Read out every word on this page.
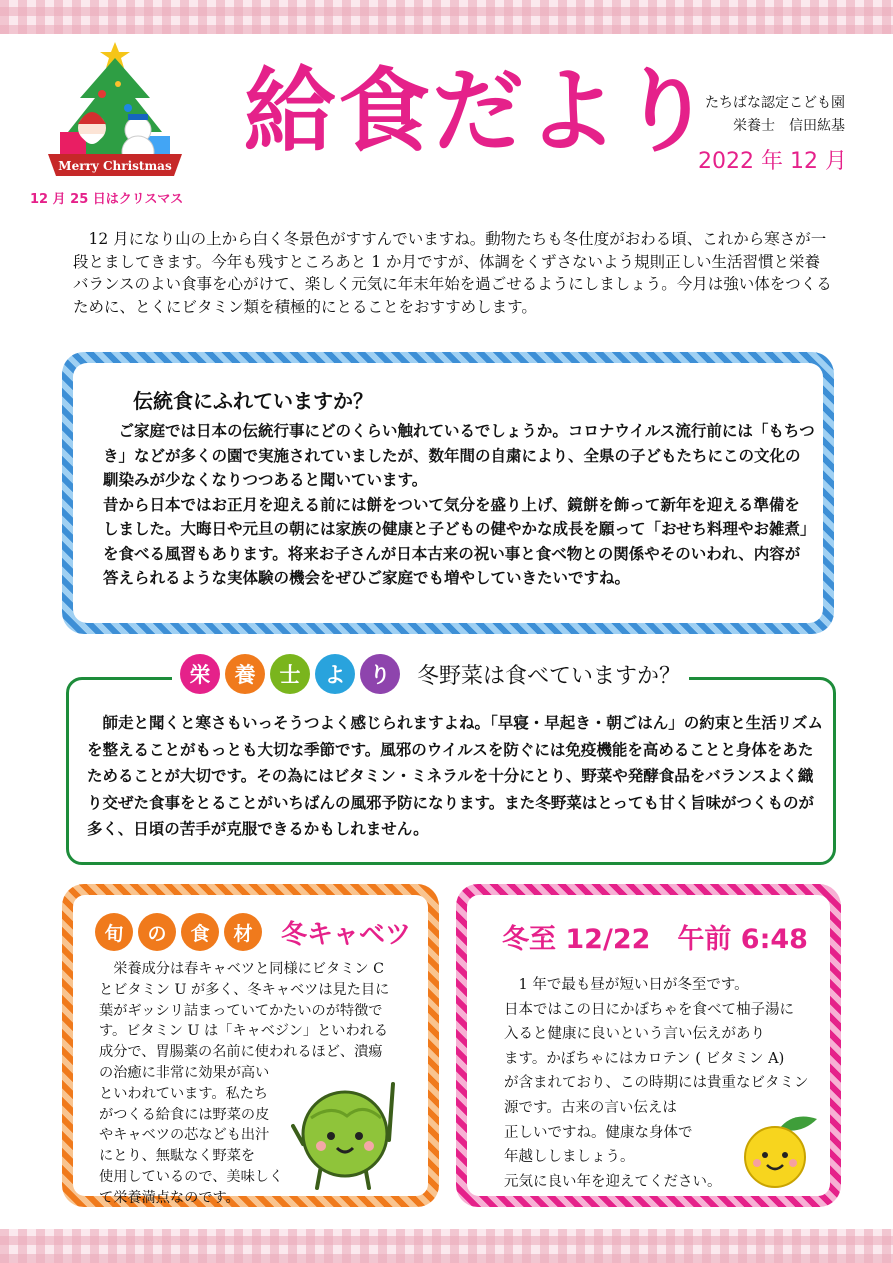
Merry Christmas
12 月 25 日はクリスマス
給食だより
たちばな認定こども園
栄養士　信田紘基
2022 年 12 月

12 月になり山の上から白く冬景色がすすんでいますね。動物たちも冬仕度がおわる頃、これから寒さが一段とましてきます。今年も残すところあと 1 か月ですが、体調をくずさないよう規則正しい生活習慣と栄養バランスのよい食事を心がけて、楽しく元気に年末年始を過ごせるようにしましょう。今月は強い体をつくるために、とくにビタミン類を積極的にとることをおすすめします。

伝統食にふれていますか？

ご家庭では日本の伝統行事にどのくらい触れているでしょうか。コロナウイルス流行前には「もちつき」などが多くの園で実施されていましたが、数年間の自粛により、全県の子どもたちにこの文化の馴染みが少なくなりつつあると聞いています。
昔から日本ではお正月を迎える前には餅をついて気分を盛り上げ、鏡餅を飾って新年を迎える準備をしました。大晦日や元旦の朝には家族の健康と子どもの健やかな成長を願って「おせち料理やお雑煮」を食べる風習もあります。将来お子さんが日本古来の祝い事と食べ物との関係やそのいわれ、内容が答えられるような実体験の機会をぜひご家庭でも増やしていきたいですね。

栄	養	士	よ	り	冬野菜は食べていますか？

師走と聞くと寒さもいっそうつよく感じられますよね。「早寝・早起き・朝ごはん」の約束と生活リズムを整えることがもっとも大切な季節です。風邪のウイルスを防ぐには免疫機能を高めることと身体をあたためることが大切です。その為にはビタミン・ミネラルを十分にとり、野菜や発酵食品をバランスよく織り交ぜた食事をとることがいちばんの風邪予防になります。また冬野菜はとっても甘く旨味がつくものが多く、日頃の苦手が克服できるかもしれません。

旬	の	食	材	冬キャベツ

　栄養成分は春キャベツと同様にビタミン C
とビタミン U が多く、冬キャベツは見た目に
葉がギッシリ詰まっていてかたいのが特徴で
す。ビタミン U は「キャベジン」といわれる
成分で、胃腸薬の名前に使われるほど、潰瘍
の治癒に非常に効果が高い
といわれています。私たち
がつくる給食には野菜の皮
やキャベツの芯なども出汁
にとり、無駄なく野菜を
使用しているので、美味しく
て栄養満点なのです。

冬至 12/22　午前 6:48

　1 年で最も昼が短い日が冬至です。
日本ではこの日にかぼちゃを食べて柚子湯に
入ると健康に良いという言い伝えがあり
ます。かぼちゃにはカロテン ( ビタミン A)
が含まれており、この時期には貴重なビタミン
源です。古来の言い伝えは
正しいですね。健康な身体で
年越ししましょう。
元気に良い年を迎えてください。
